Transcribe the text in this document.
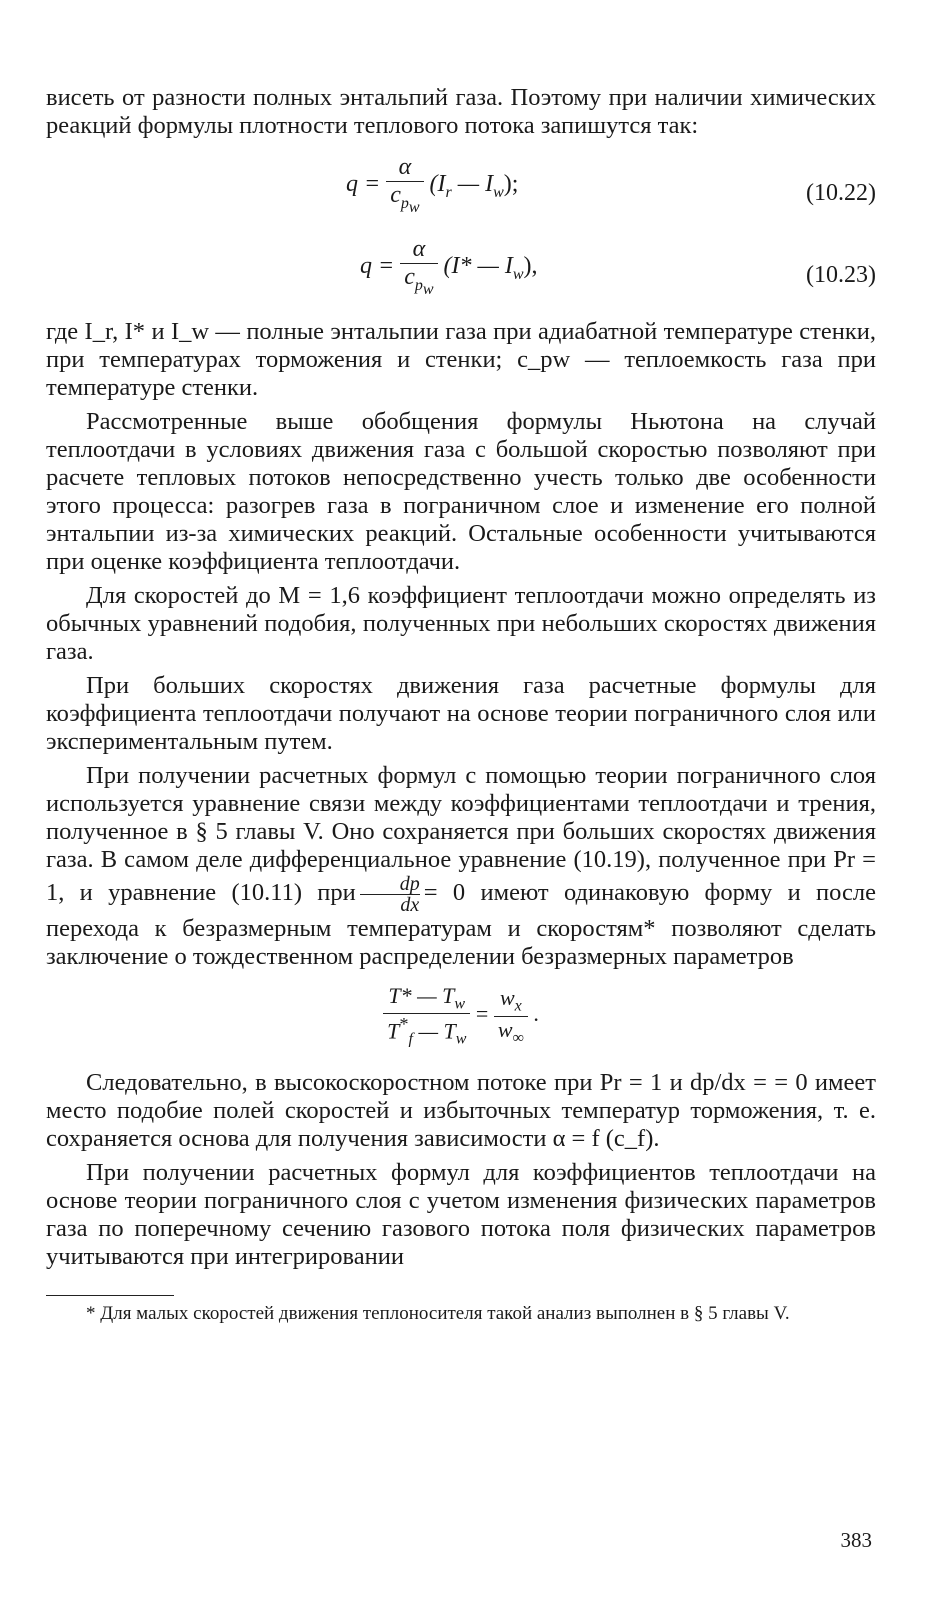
висеть от разности полных энтальпий газа. Поэтому при наличии химических реакций формулы плотности теплового потока запишутся так:

$q = \frac{\alpha}{c_{p_w}} (I_r$ — $I_w$);	(10.22)
$q = \frac{\alpha}{c_{p_w}} (I*$ — $I_w$),	(10.23)

где I_r, I* и I_w — полные энтальпии газа при адиабатной температуре стенки, при температурах торможения и стенки; c_pw — теплоемкость газа при температуре стенки.

Рассмотренные выше обобщения формулы Ньютона на случай теплоотдачи в условиях движения газа с большой скоростью позволяют при расчете тепловых потоков непосредственно учесть только две особенности этого процесса: разогрев газа в пограничном слое и изменение его полной энтальпии из-за химических реакций. Остальные особенности учитываются при оценке коэффициента теплоотдачи.

Для скоростей до M = 1,6 коэффициент теплоотдачи можно определять из обычных уравнений подобия, полученных при небольших скоростях движения газа.

При больших скоростях движения газа расчетные формулы для коэффициента теплоотдачи получают на основе теории пограничного слоя или экспериментальным путем.

При получении расчетных формул с помощью теории пограничного слоя используется уравнение связи между коэффициентами теплоотдачи и трения, полученное в § 5 главы V. Оно сохраняется при больших скоростях движения газа. В самом деле дифференциальное уравнение (10.19), полученное при Pr = 1, и уравнение (10.11) при $\frac{dp}{dx} = 0$ имеют одинаковую форму и после перехода к безразмерным температурам и скоростям* позволяют сделать заключение о тождественном распределении безразмерных параметров

$\frac{T* — T_w}{T^*_f — T_w} = \frac{w_x}{w_\infty}$ .

Следовательно, в высокоскоростном потоке при Pr = 1 и dp/dx = = 0 имеет место подобие полей скоростей и избыточных температур торможения, т. е. сохраняется основа для получения зависимости α = f (c_f).

При получении расчетных формул для коэффициентов теплоотдачи на основе теории пограничного слоя с учетом изменения физических параметров газа по поперечному сечению газового потока поля физических параметров учитываются при интегрировании

* Для малых скоростей движения теплоносителя такой анализ выполнен в § 5 главы V.

383
